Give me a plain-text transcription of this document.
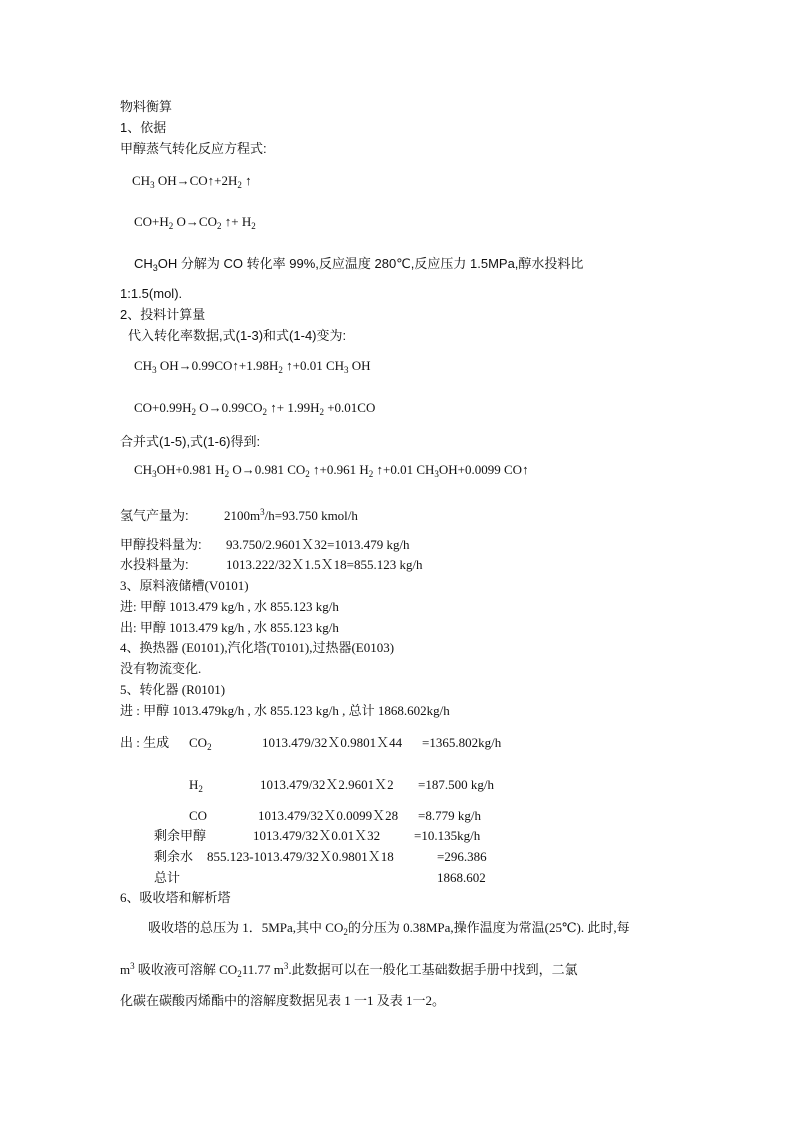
物料衡算
1、依据
甲醇蒸气转化反应方程式:
$CH_3$ $OH\to CO↑+2H_2$ ↑
$CO+H_2$ $O\to CO_2$ ↑+ $H_2$
$CH_3OH$ 分解为 CO 转化率 99%,反应温度 280℃,反应压力 1.5MPa,醇水投料比
1:1.5(mol).
2、投料计算量
代入转化率数据,式(1-3)和式(1-4)变为:
$CH_3$ $OH\to 0.99CO↑+1.98H_2$ ↑+0.01 $CH_3$ OH
$CO+0.99H_2$ $O\to 0.99CO_2$ ↑+ $1.99H_2 +0.01CO$
合并式(1-5),式(1-6)得到:
$CH_3OH+0.981$ $H_2$ O→0.981 $CO_2$ ↑+0.961 $H_2$ ↑+0.01 $CH_3OH+0.0099$ CO↑
氢气产量为:	$2100m^3/h=93.750$ kmol/h
甲醇投料量为: 93.750/2.9601Ｘ32=1013.479 kg/h
水投料量为:	1013.222/32Ｘ1.5Ｘ18=855.123 kg/h
3、原料液储槽(V0101)
进: 甲醇 1013.479 kg/h , 水 855.123 kg/h
出: 甲醇 1013.479 kg/h , 水 855.123 kg/h
4、换热器 (E0101),汽化塔(T0101),过热器(E0103)
没有物流变化.
5、转化器 (R0101)
进 : 甲醇 1013.479kg/h , 水 855.123 kg/h , 总计 1868.602kg/h
出 : 生成 $CO_2$	1013.479/32Ｘ0.9801Ｘ44 =1365.802kg/h
$H_2$	1013.479/32Ｘ2.9601Ｘ2 =187.500 kg/h
CO	1013.479/32Ｘ0.0099Ｘ28 =8.779 kg/h
剩余甲醇	1013.479/32Ｘ0.01Ｘ32	=10.135kg/h
剩余水 855.123-1013.479/32Ｘ0.9801Ｘ18	=296.386
总计	1868.602
6、吸收塔和解析塔
吸收塔的总压为 1．5MPa,其中 $CO_2$的分压为 0.38MPa,操作温度为常温(25℃). 此时,每
$m^3$ 吸收液可溶解 $CO_211.77$ $m^3$.此数据可以在一般化工基础数据手册中找到，二氯
化碳在碳酸丙烯酯中的溶解度数据见表 1 一1 及表 1一2。
